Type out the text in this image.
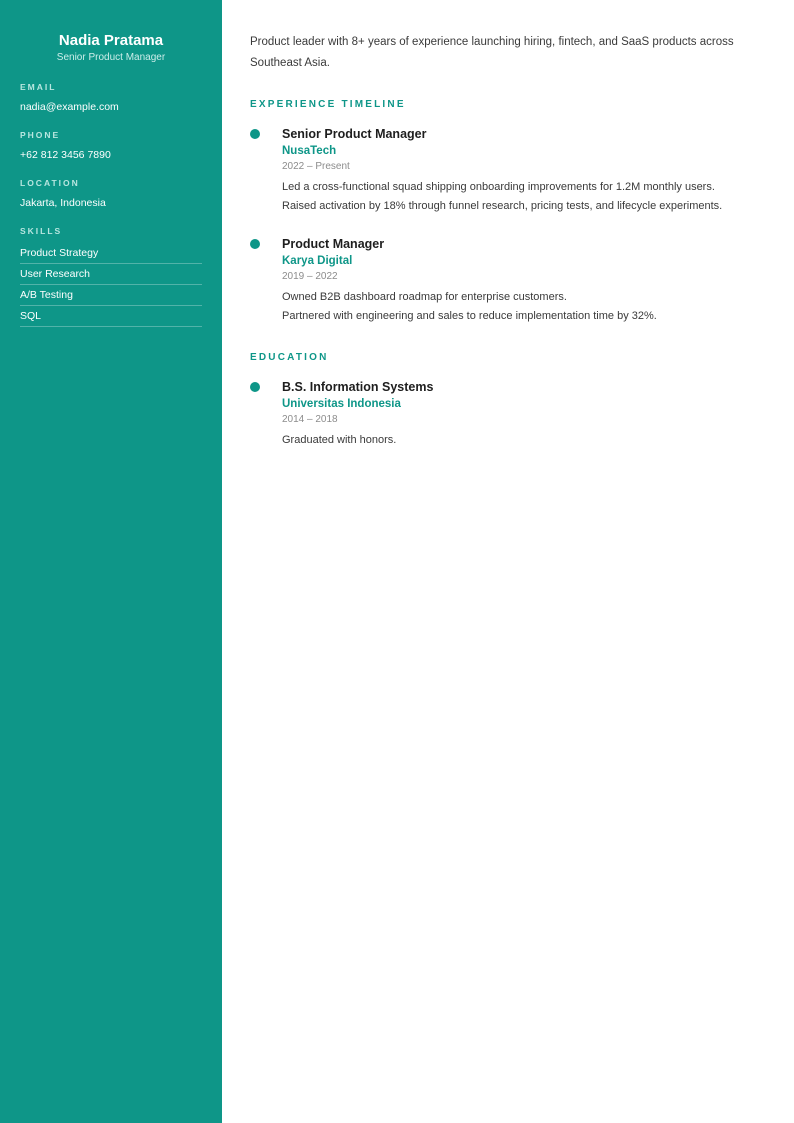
Nadia Pratama
Senior Product Manager
EMAIL
nadia@example.com
PHONE
+62 812 3456 7890
LOCATION
Jakarta, Indonesia
SKILLS
Product Strategy
User Research
A/B Testing
SQL

Product leader with 8+ years of experience launching hiring, fintech, and SaaS products across Southeast Asia.

EXPERIENCE TIMELINE
Senior Product Manager
NusaTech
2022 – Present
Led a cross-functional squad shipping onboarding improvements for 1.2M monthly users.
Raised activation by 18% through funnel research, pricing tests, and lifecycle experiments.
Product Manager
Karya Digital
2019 – 2022
Owned B2B dashboard roadmap for enterprise customers.
Partnered with engineering and sales to reduce implementation time by 32%.
EDUCATION
B.S. Information Systems
Universitas Indonesia
2014 – 2018
Graduated with honors.
